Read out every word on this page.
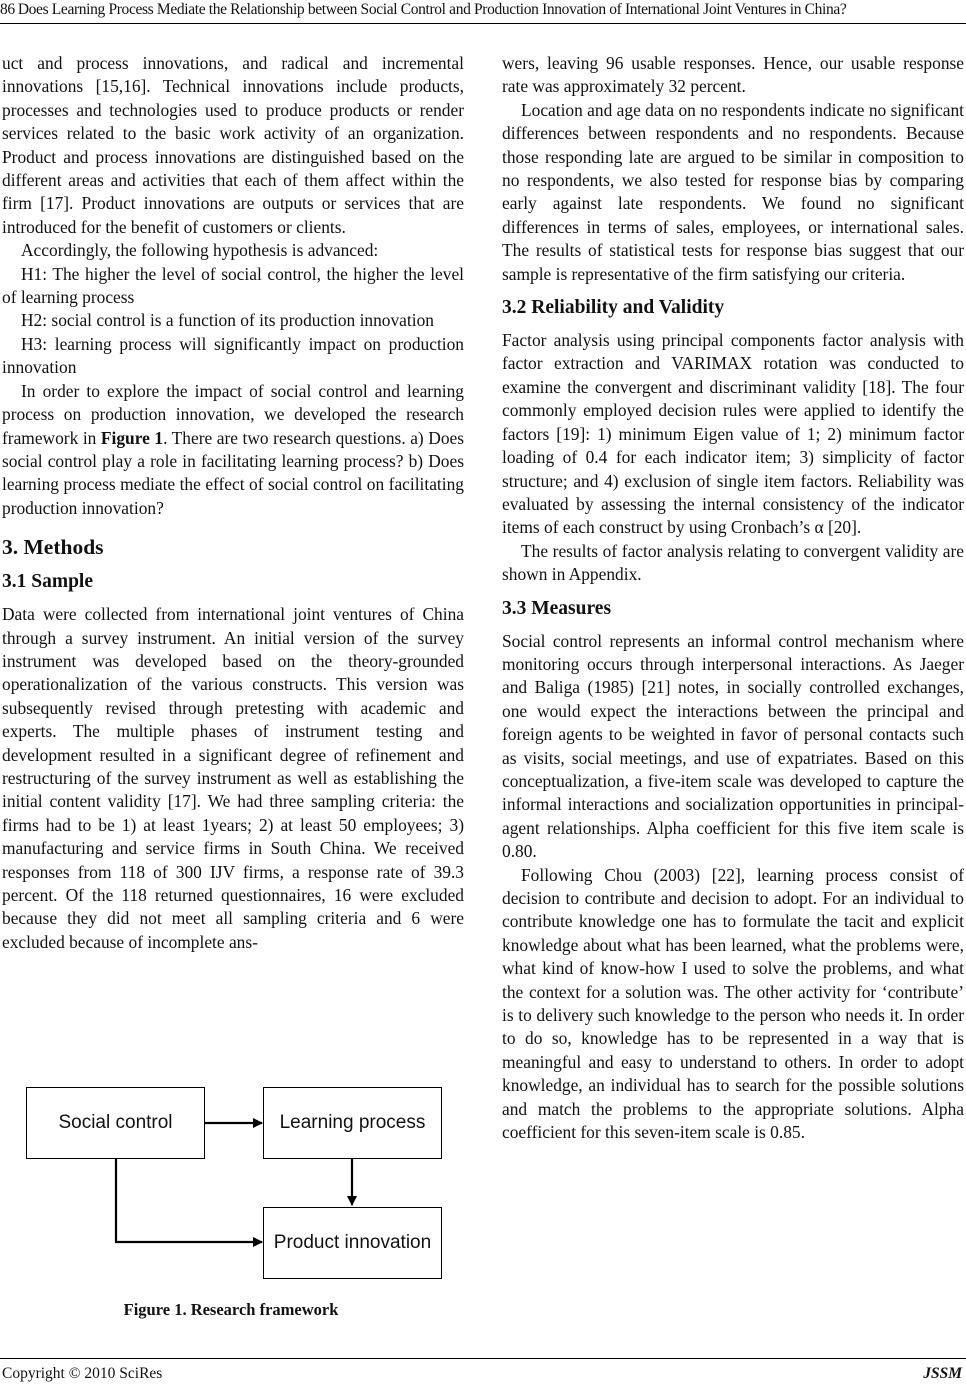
86 Does Learning Process Mediate the Relationship between Social Control and Production Innovation of International Joint Ventures in China?

uct and process innovations, and radical and incremental innovations [15,16]. Technical innovations include products, processes and technologies used to produce products or render services related to the basic work activity of an organization. Product and process innovations are distinguished based on the different areas and activities that each of them affect within the firm [17]. Product innovations are outputs or services that are introduced for the benefit of customers or clients.

Accordingly, the following hypothesis is advanced:

H1: The higher the level of social control, the higher the level of learning process

H2: social control is a function of its production innovation

H3: learning process will significantly impact on production innovation

In order to explore the impact of social control and learning process on production innovation, we developed the research framework in Figure 1. There are two research questions. a) Does social control play a role in facilitating learning process? b) Does learning process mediate the effect of social control on facilitating production innovation?

3. Methods
3.1 Sample

Data were collected from international joint ventures of China through a survey instrument. An initial version of the survey instrument was developed based on the theory-grounded operationalization of the various constructs. This version was subsequently revised through pretesting with academic and experts. The multiple phases of instrument testing and development resulted in a significant degree of refinement and restructuring of the survey instrument as well as establishing the initial content validity [17]. We had three sampling criteria: the firms had to be 1) at least 1years; 2) at least 50 employees; 3) manufacturing and service firms in South China. We received responses from 118 of 300 IJV firms, a response rate of 39.3 percent. Of the 118 returned questionnaires, 16 were excluded because they did not meet all sampling criteria and 6 were excluded because of incomplete ans-

wers, leaving 96 usable responses. Hence, our usable response rate was approximately 32 percent.

Location and age data on no respondents indicate no significant differences between respondents and no respondents. Because those responding late are argued to be similar in composition to no respondents, we also tested for response bias by comparing early against late respondents. We found no significant differences in terms of sales, employees, or international sales. The results of statistical tests for response bias suggest that our sample is representative of the firm satisfying our criteria.

3.2 Reliability and Validity

Factor analysis using principal components factor analysis with factor extraction and VARIMAX rotation was conducted to examine the convergent and discriminant validity [18]. The four commonly employed decision rules were applied to identify the factors [19]: 1) minimum Eigen value of 1; 2) minimum factor loading of 0.4 for each indicator item; 3) simplicity of factor structure; and 4) exclusion of single item factors. Reliability was evaluated by assessing the internal consistency of the indicator items of each construct by using Cronbach’s α [20].

The results of factor analysis relating to convergent validity are shown in Appendix.

3.3 Measures

Social control represents an informal control mechanism where monitoring occurs through interpersonal interactions. As Jaeger and Baliga (1985) [21] notes, in socially controlled exchanges, one would expect the interactions between the principal and foreign agents to be weighted in favor of personal contacts such as visits, social meetings, and use of expatriates. Based on this conceptualization, a five-item scale was developed to capture the informal interactions and socialization opportunities in principal-agent relationships. Alpha coefficient for this five item scale is 0.80.

Following Chou (2003) [22], learning process consist of decision to contribute and decision to adopt. For an individual to contribute knowledge one has to formulate the tacit and explicit knowledge about what has been learned, what the problems were, what kind of know-how I used to solve the problems, and what the context for a solution was. The other activity for ‘contribute’ is to delivery such knowledge to the person who needs it. In order to do so, knowledge has to be represented in a way that is meaningful and easy to understand to others. In order to adopt knowledge, an individual has to search for the possible solutions and match the problems to the appropriate solutions. Alpha coefficient for this seven-item scale is 0.85.

Social control	Learning process
Product innovation
Figure 1. Research framework
Copyright © 2010 SciRes	JSSM
